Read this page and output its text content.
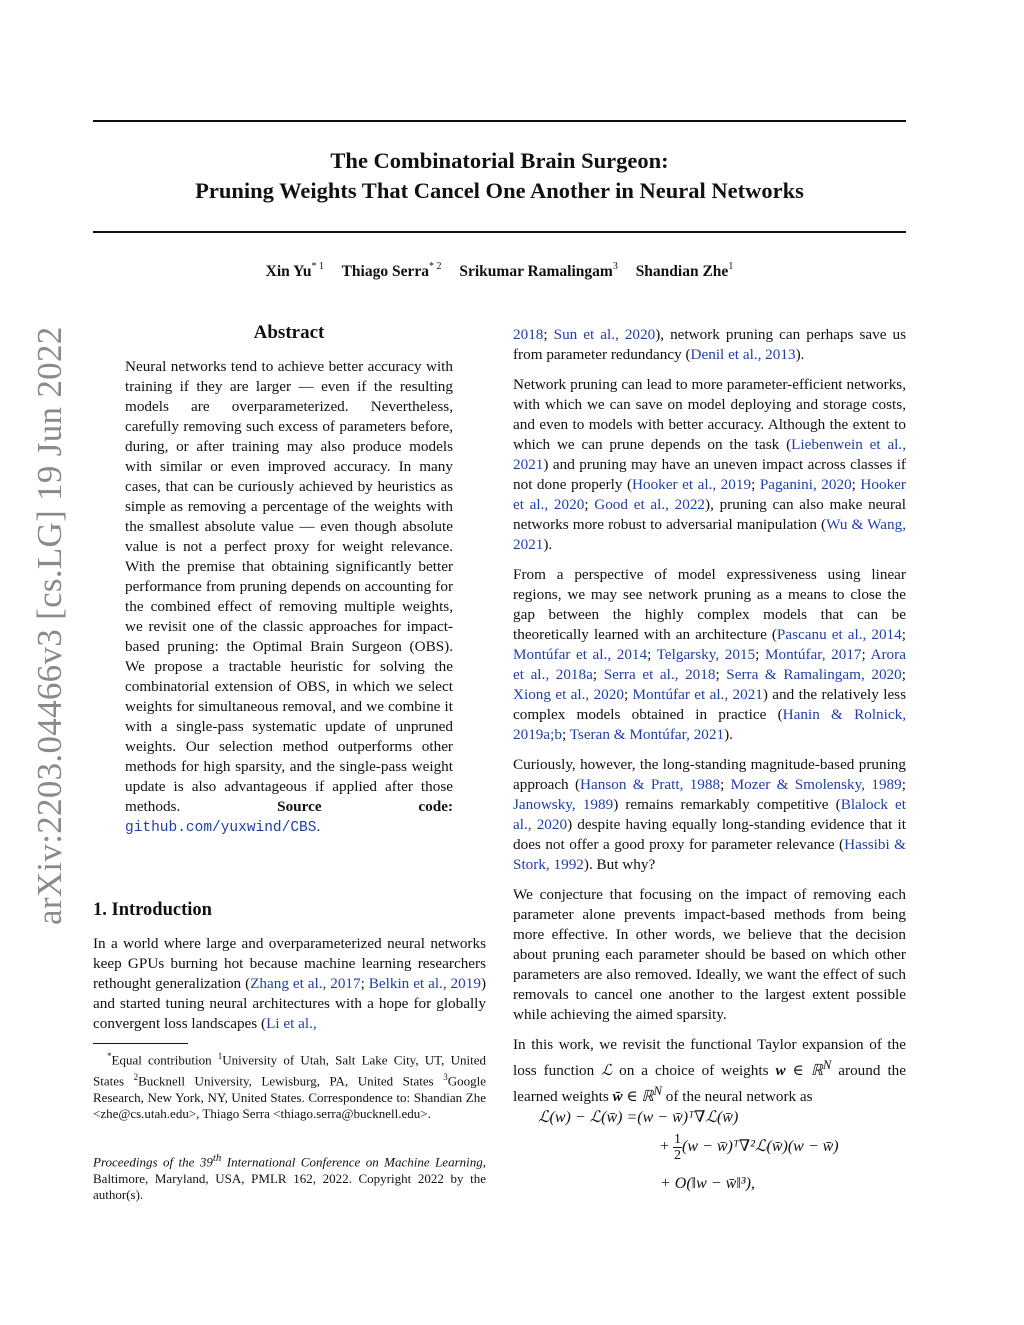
The Combinatorial Brain Surgeon:
Pruning Weights That Cancel One Another in Neural Networks
Xin Yu$^{* 1}$ Thiago Serra$^{* 2}$ Srikumar Ramalingam$^3$ Shandian Zhe$^1$
arXiv:2203.04466v3 [cs.LG] 19 Jun 2022	Abstract
Neural networks tend to achieve better accuracy with training if they are larger — even if the resulting models are overparameterized. Nevertheless, carefully removing such excess of parameters before, during, or after training may also produce models with similar or even improved accuracy. In many cases, that can be curiously achieved by heuristics as simple as removing a percentage of the weights with the smallest absolute value — even though absolute value is not a perfect proxy for weight relevance. With the premise that obtaining significantly better performance from pruning depends on accounting for the combined effect of removing multiple weights, we revisit one of the classic approaches for impact-based pruning: the Optimal Brain Surgeon (OBS). We propose a tractable heuristic for solving the combinatorial extension of OBS, in which we select weights for simultaneous removal, and we combine it with a single-pass systematic update of unpruned weights. Our selection method outperforms other methods for high sparsity, and the single-pass weight update is also advantageous if applied after those methods.	Source code: github.com/yuxwind/CBS.
1. Introduction
In a world where large and overparameterized neural networks keep GPUs burning hot because machine learning researchers rethought generalization (Zhang et al., 2017; Belkin et al., 2019) and started tuning neural architectures with a hope for globally convergent loss landscapes (Li et al.,
*Equal contribution $^1$University of Utah, Salt Lake City, UT, United States $^2$Bucknell University, Lewisburg, PA, United States $^3$Google Research, New York, NY, United States. Correspondence to: Shandian Zhe <zhe@cs.utah.edu>, Thiago Serra <thiago.serra@bucknell.edu>.
Proceedings of the 39th International Conference on Machine Learning, Baltimore, Maryland, USA, PMLR 162, 2022. Copyright 2022 by the author(s).

2018; Sun et al., 2020), network pruning can perhaps save us from parameter redundancy (Denil et al., 2013).

Network pruning can lead to more parameter-efficient networks, with which we can save on model deploying and storage costs, and even to models with better accuracy. Although the extent to which we can prune depends on the task (Liebenwein et al., 2021) and pruning may have an uneven impact across classes if not done properly (Hooker et al., 2019; Paganini, 2020; Hooker et al., 2020; Good et al., 2022), pruning can also make neural networks more robust to adversarial manipulation (Wu & Wang, 2021).

From a perspective of model expressiveness using linear regions, we may see network pruning as a means to close the gap between the highly complex models that can be theoretically learned with an architecture (Pascanu et al., 2014; Montúfar et al., 2014; Telgarsky, 2015; Montúfar, 2017; Arora et al., 2018a; Serra et al., 2018; Serra & Ramalingam, 2020; Xiong et al., 2020; Montúfar et al., 2021) and the relatively less complex models obtained in practice (Hanin & Rolnick, 2019a;b; Tseran & Montúfar, 2021).

Curiously, however, the long-standing magnitude-based pruning approach (Hanson & Pratt, 1988; Mozer & Smolensky, 1989; Janowsky, 1989) remains remarkably competitive (Blalock et al., 2020) despite having equally long-standing evidence that it does not offer a good proxy for parameter relevance (Hassibi & Stork, 1992). But why?

We conjecture that focusing on the impact of removing each parameter alone prevents impact-based methods from being more effective. In other words, we believe that the decision about pruning each parameter should be based on which other parameters are also removed. Ideally, we want the effect of such removals to cancel one another to the largest extent possible while achieving the aimed sparsity.

In this work, we revisit the functional Taylor expansion of the loss function ℒ on a choice of weights w ∈ ℝ$^N$ around the learned weights w̄ ∈ ℝ$^N$ of the neural network as

ℒ(w) − ℒ(w̄) =(w − w̄)ᵀ∇ℒ(w̄)
+ $\frac{1}{2} (w$ − w̄)ᵀ∇²ℒ(w̄)(w − w̄)
+ O(‖w − w̄‖³),
